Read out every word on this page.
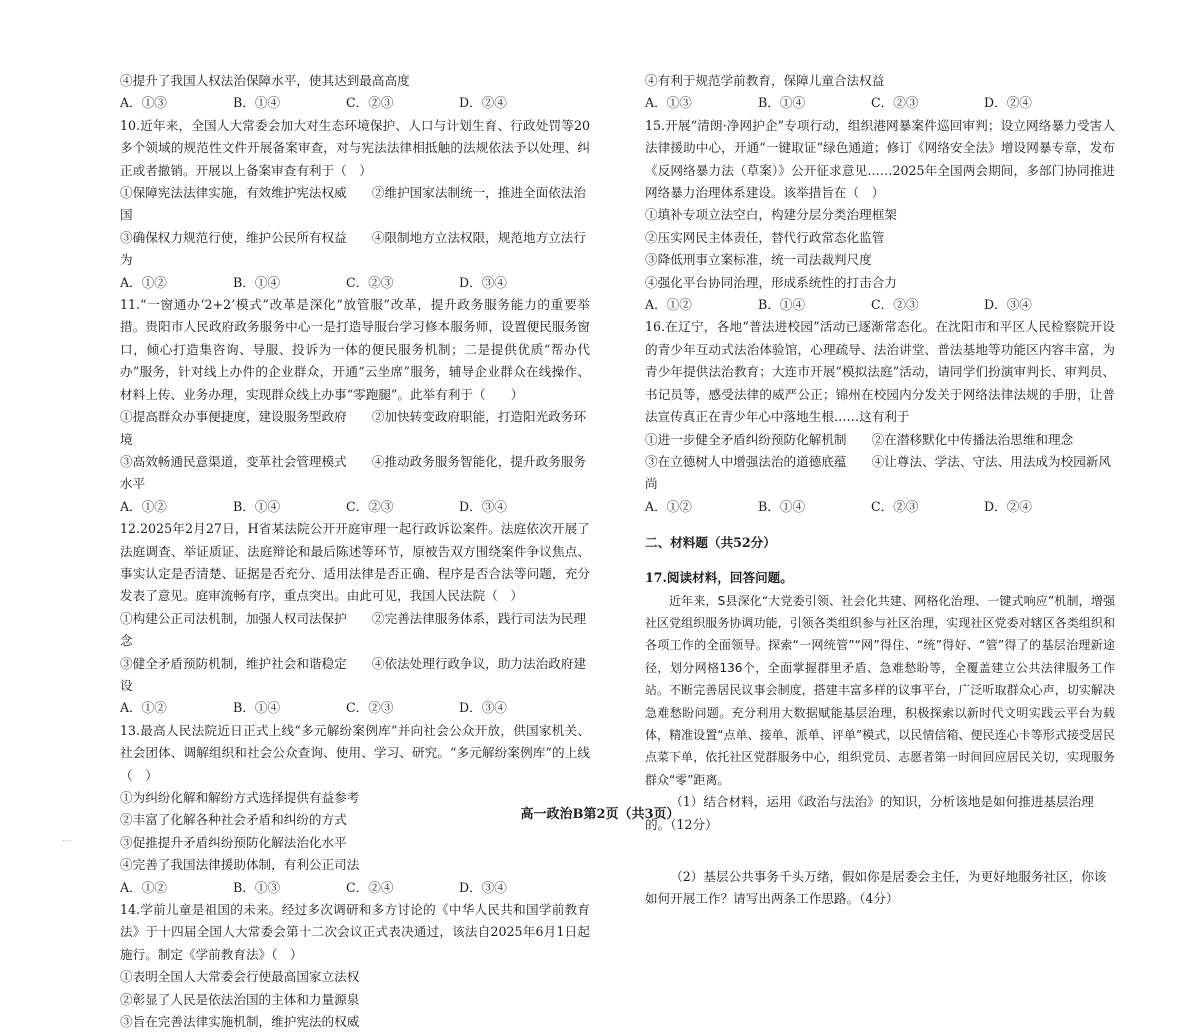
④提升了我国人权法治保障水平，使其达到最高高度

A．①③	B．①④	C．②③	D．②④

10.近年来，全国人大常委会加大对生态环境保护、人口与计划生育、行政处罚等20多个领域的规范性文件开展备案审查，对与宪法法律相抵触的法规依法予以处理、纠正或者撤销。开展以上备案审查有利于（　）

①保障宪法法律实施，有效维护宪法权威　　②维护国家法制统一，推进全面依法治国

③确保权力规范行使，维护公民所有权益　　④限制地方立法权限，规范地方立法行为

A．①②	B．①④	C．②③	D．③④

11.“一窗通办‘2+2’模式”改革是深化“放管服”改革，提升政务服务能力的重要举措。贵阳市人民政府政务服务中心一是打造导服台学习修本服务师，设置便民服务窗口，倾心打造集咨询、导服、投诉为一体的便民服务机制；二是提供优质“帮办代办”服务，针对线上办件的企业群众，开通“云坐席”服务，辅导企业群众在线操作、材料上传、业务办理，实现群众线上办事“零跑腿”。此举有利于（　　）

①提高群众办事便捷度，建设服务型政府　　②加快转变政府职能，打造阳光政务环境

③高效畅通民意渠道，变革社会管理模式　　④推动政务服务智能化，提升政务服务水平

A．①②	B．①④	C．②③	D．③④

12.2025年2月27日，H省某法院公开开庭审理一起行政诉讼案件。法庭依次开展了法庭调查、举证质证、法庭辩论和最后陈述等环节，原被告双方围绕案件争议焦点、事实认定是否清楚、证据是否充分、适用法律是否正确、程序是否合法等问题，充分发表了意见。庭审流畅有序，重点突出。由此可见，我国人民法院（　）

①构建公正司法机制，加强人权司法保护　　②完善法律服务体系，践行司法为民理念

③健全矛盾预防机制，维护社会和谐稳定　　④依法处理行政争议，助力法治政府建设

A．①②	B．①④	C．②③	D．③④

13.最高人民法院近日正式上线“多元解纷案例库”并向社会公众开放，供国家机关、社会团体、调解组织和社会公众查询、使用、学习、研究。“多元解纷案例库”的上线（　）

①为纠纷化解和解纷方式选择提供有益参考

②丰富了化解各种社会矛盾和纠纷的方式

③促推提升矛盾纠纷预防化解法治化水平

④完善了我国法律援助体制，有利公正司法

A．①②	B．①③	C．②④	D．③④

14.学前儿童是祖国的未来。经过多次调研和多方讨论的《中华人民共和国学前教育法》于十四届全国人大常委会第十二次会议正式表决通过，该法自2025年6月1日起施行。制定《学前教育法》（　）

①表明全国人大常委会行使最高国家立法权

②彰显了人民是依法治国的主体和力量源泉

③旨在完善法律实施机制，维护宪法的权威

④有利于规范学前教育，保障儿童合法权益

A．①③	B．①④	C．②③	D．②④

15.开展“清朗·净网护企”专项行动，组织港网暴案件巡回审判；设立网络暴力受害人法律援助中心，开通“一键取证”绿色通道；修订《网络安全法》增设网暴专章，发布《反网络暴力法（草案）》公开征求意见……2025年全国两会期间，多部门协同推进网络暴力治理体系建设。该举措旨在（　）

①填补专项立法空白，构建分层分类治理框架

②压实网民主体责任，替代行政常态化监管

③降低刑事立案标准，统一司法裁判尺度

④强化平台协同治理，形成系统性的打击合力

A．①②	B．①④	C．②③	D．③④

16.在辽宁，各地“普法进校园”活动已逐渐常态化。在沈阳市和平区人民检察院开设的青少年互动式法治体验馆，心理疏导、法治讲堂、普法基地等功能区内容丰富，为青少年提供法治教育；大连市开展“模拟法庭”活动，请同学们扮演审判长、审判员、书记员等，感受法律的威严公正；锦州在校园内分发关于网络法律法规的手册，让普法宣传真正在青少年心中落地生根……这有利于

①进一步健全矛盾纠纷预防化解机制　　②在潜移默化中传播法治思维和理念

③在立德树人中增强法治的道德底蕴　　④让尊法、学法、守法、用法成为校园新风尚

A．①②	B．①④	C．②③	D．②④

二、材料题（共52分）

17.阅读材料，回答问题。

近年来，S县深化“大党委引领、社会化共建、网格化治理、一键式响应”机制，增强社区党组织服务协调功能，引领各类组织参与社区治理，实现社区党委对辖区各类组织和各项工作的全面领导。探索“一网统管”“网”得住、“统”得好、“管”得了的基层治理新途径，划分网格136个，全面掌握群里矛盾、急难愁盼等，全覆盖建立公共法律服务工作站。不断完善居民议事会制度，搭建丰富多样的议事平台，广泛听取群众心声，切实解决急难愁盼问题。充分利用大数据赋能基层治理，积极探索以新时代文明实践云平台为载体，精准设置“点单、接单、派单、评单”模式，以民情信箱、便民连心卡等形式接受居民点菜下单，依托社区党群服务中心，组织党员、志愿者第一时间回应居民关切，实现服务群众“零”距离。

（1）结合材料，运用《政治与法治》的知识，分析该地是如何推进基层治理的。（12分）

（2）基层公共事务千头万绪，假如你是居委会主任，为更好地服务社区，你该如何开展工作？请写出两条工作思路。（4分）

高一政治B第2页（共3页）
...
